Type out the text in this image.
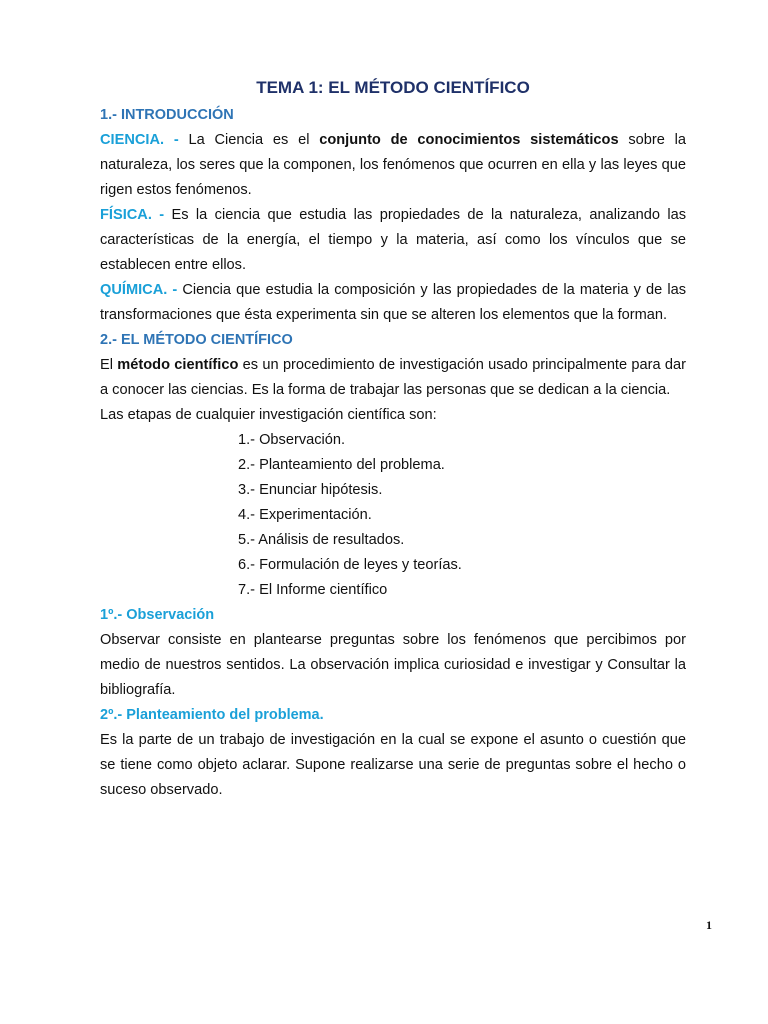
TEMA 1: EL MÉTODO CIENTÍFICO
1.- INTRODUCCIÓN

CIENCIA. - La Ciencia es el conjunto de conocimientos sistemáticos sobre la naturaleza, los seres que la componen, los fenómenos que ocurren en ella y las leyes que rigen estos fenómenos.

FÍSICA. - Es la ciencia que estudia las propiedades de la naturaleza, analizando las características de la energía, el tiempo y la materia, así como los vínculos que se establecen entre ellos.

QUÍMICA. - Ciencia que estudia la composición y las propiedades de la materia y de las transformaciones que ésta experimenta sin que se alteren los elementos que la forman.

2.- EL MÉTODO CIENTÍFICO

El método científico es un procedimiento de investigación usado principalmente para dar a conocer las ciencias. Es la forma de trabajar las personas que se dedican a la ciencia.

Las etapas de cualquier investigación científica son:

1.- Observación.
2.- Planteamiento del problema.
3.- Enunciar hipótesis.
4.- Experimentación.
5.- Análisis de resultados.
6.- Formulación de leyes y teorías.
7.- El Informe científico
1º.- Observación

Observar consiste en plantearse preguntas sobre los fenómenos que percibimos por medio de nuestros sentidos. La observación implica curiosidad e investigar y Consultar la bibliografía.

2º.- Planteamiento del problema.

Es la parte de un trabajo de investigación en la cual se expone el asunto o cuestión que se tiene como objeto aclarar. Supone realizarse una serie de preguntas sobre el hecho o suceso observado.

1
